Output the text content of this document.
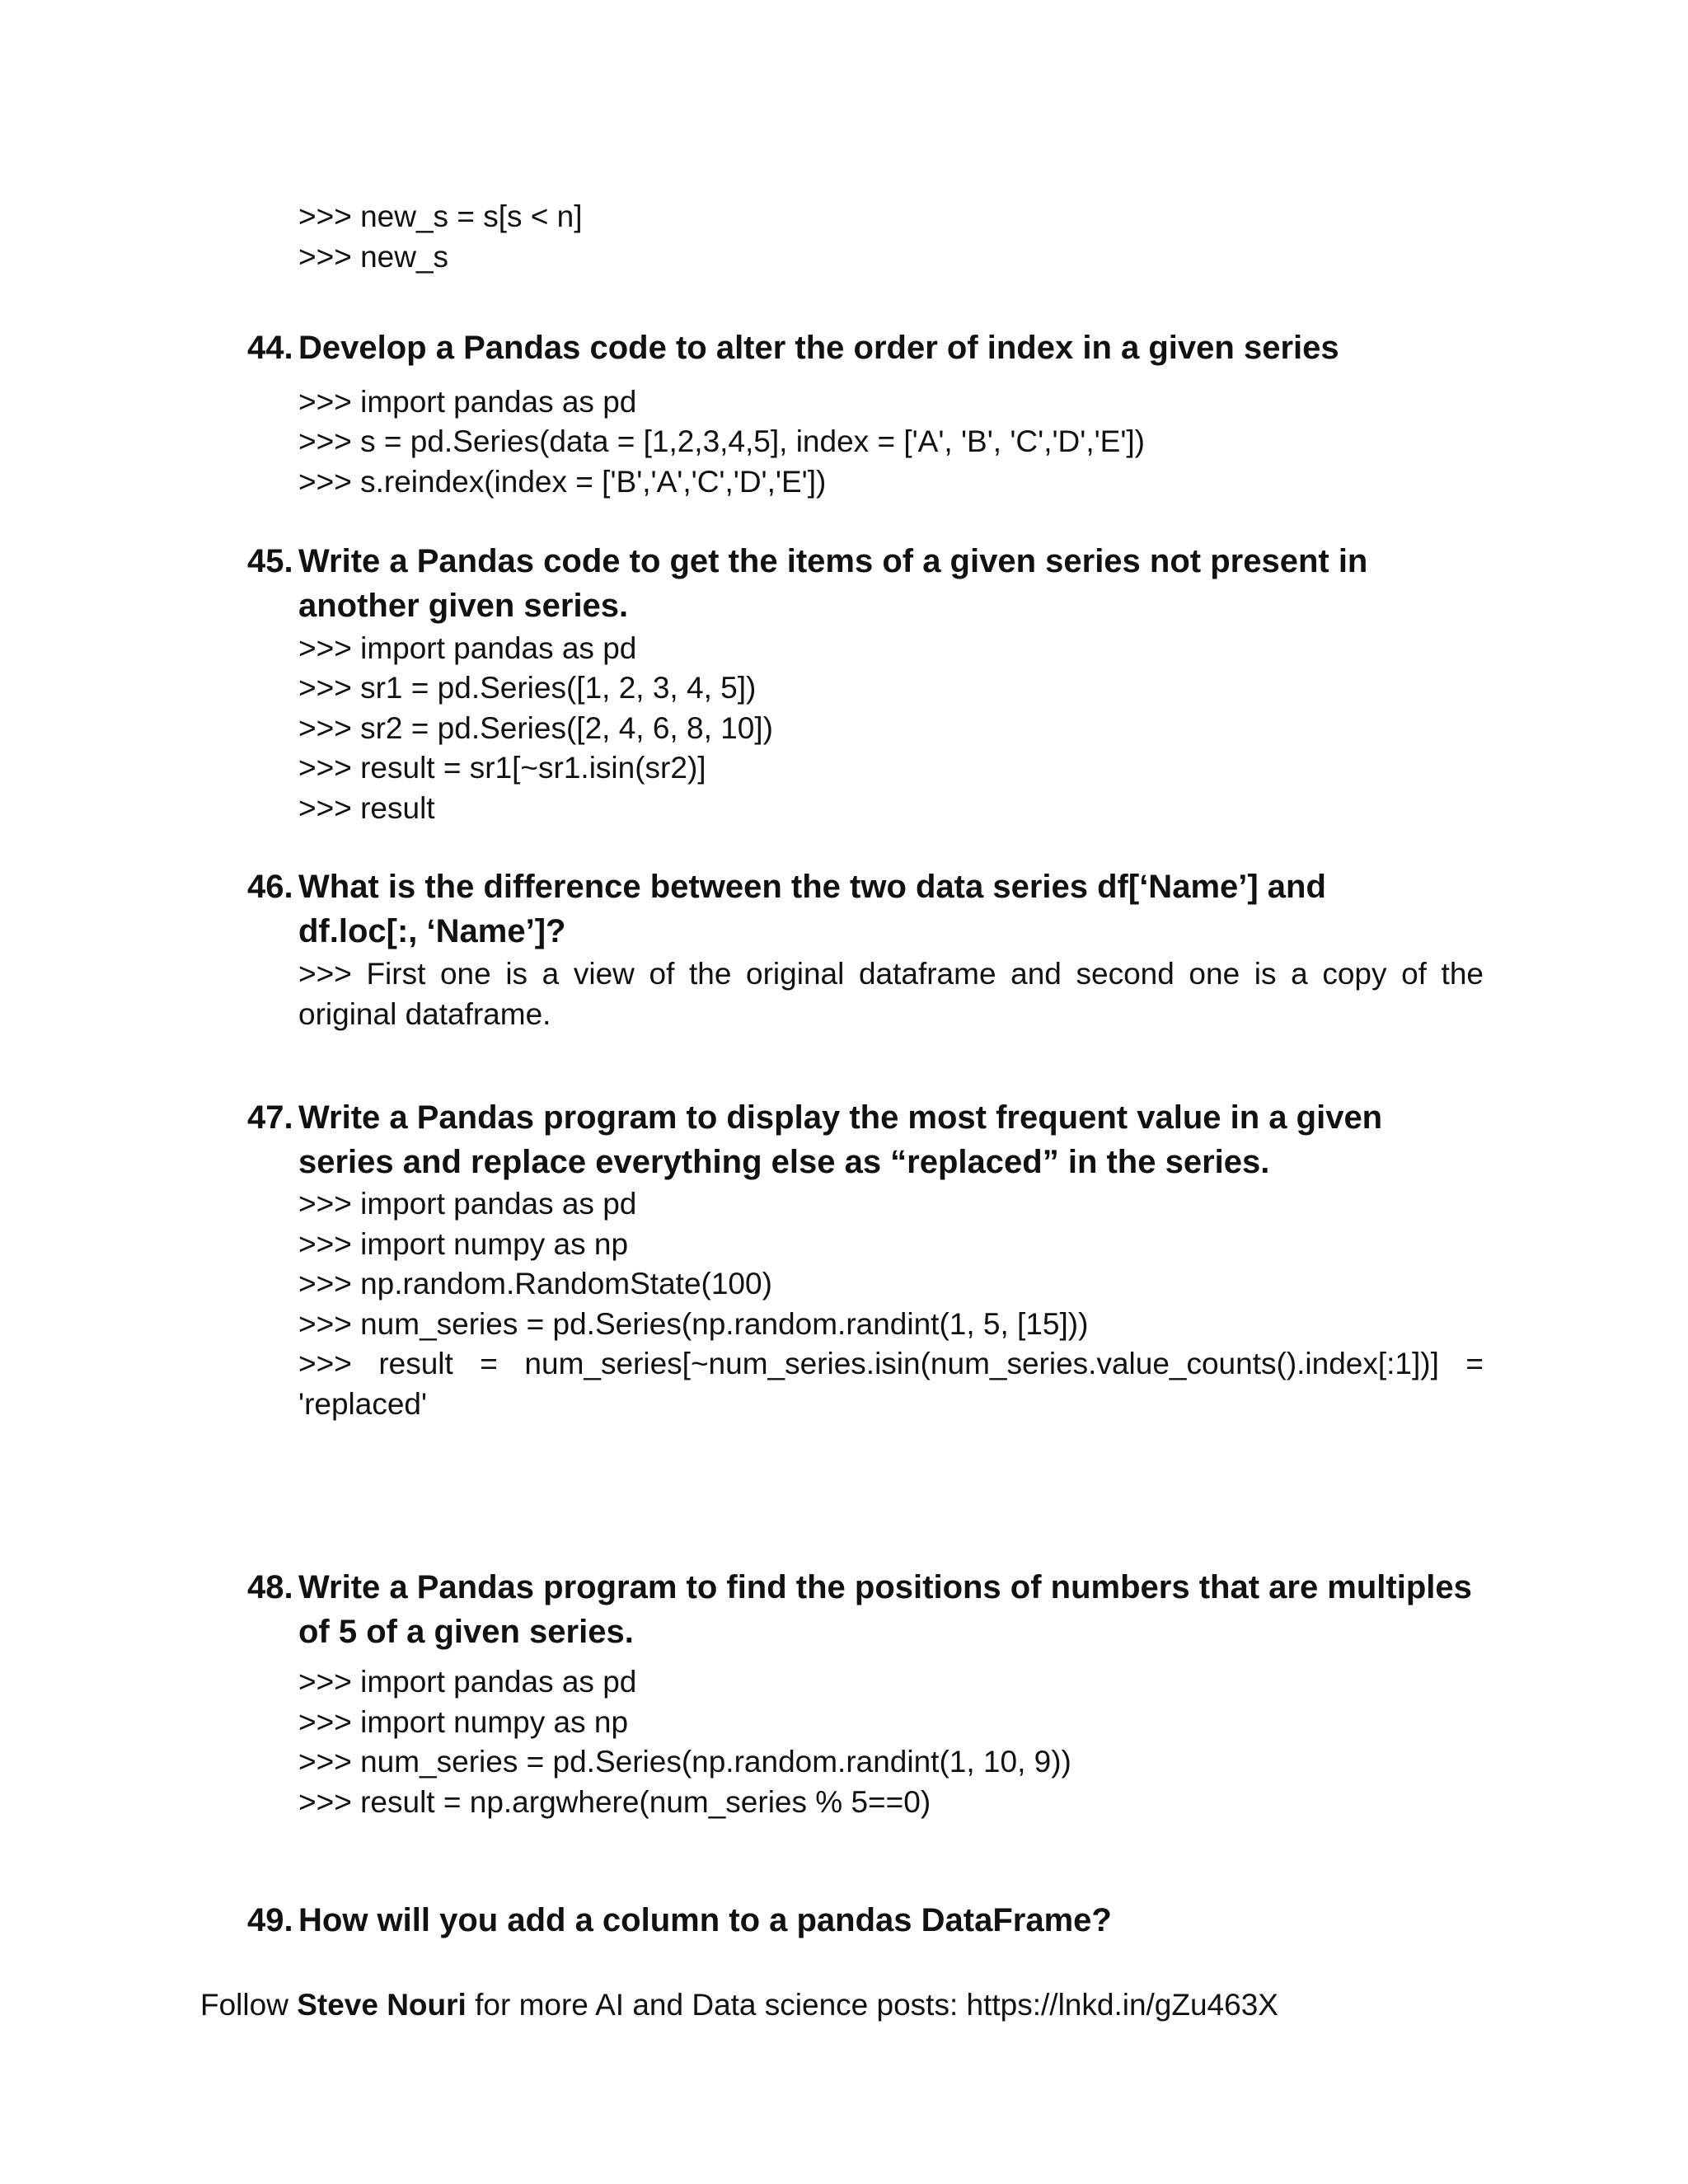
>>> new_s = s[s < n]
>>> new_s
44. Develop a Pandas code to alter the order of index in a given series
>>> import pandas as pd
>>> s = pd.Series(data = [1,2,3,4,5], index = ['A', 'B', 'C','D','E'])
>>> s.reindex(index = ['B','A','C','D','E'])
45. Write a Pandas code to get the items of a given series not present in another given series.
>>> import pandas as pd
>>> sr1 = pd.Series([1, 2, 3, 4, 5])
>>> sr2 = pd.Series([2, 4, 6, 8, 10])
>>> result = sr1[~sr1.isin(sr2)]
>>> result
46. What is the difference between the two data series df[‘Name’] and      df.loc[:, ‘Name’]?
>>> First one is a view of the original dataframe and second one is a copy of the original dataframe.
47. Write a Pandas program to display the most frequent value in a given series and replace everything else as “replaced” in the series.
>>> import pandas as pd
>>> import numpy as np
>>> np.random.RandomState(100)
>>> num_series = pd.Series(np.random.randint(1, 5, [15]))
>>> result = num_series[~num_series.isin(num_series.value_counts().index[:1])] =
'replaced'
48. Write a Pandas program to find the positions of numbers that are multiples of 5 of a given series.
>>> import pandas as pd
>>> import numpy as np
>>> num_series = pd.Series(np.random.randint(1, 10, 9))
>>> result = np.argwhere(num_series % 5==0)
49. How will you add a column to a pandas DataFrame?
Follow Steve Nouri for more AI and Data science posts: https://lnkd.in/gZu463X
